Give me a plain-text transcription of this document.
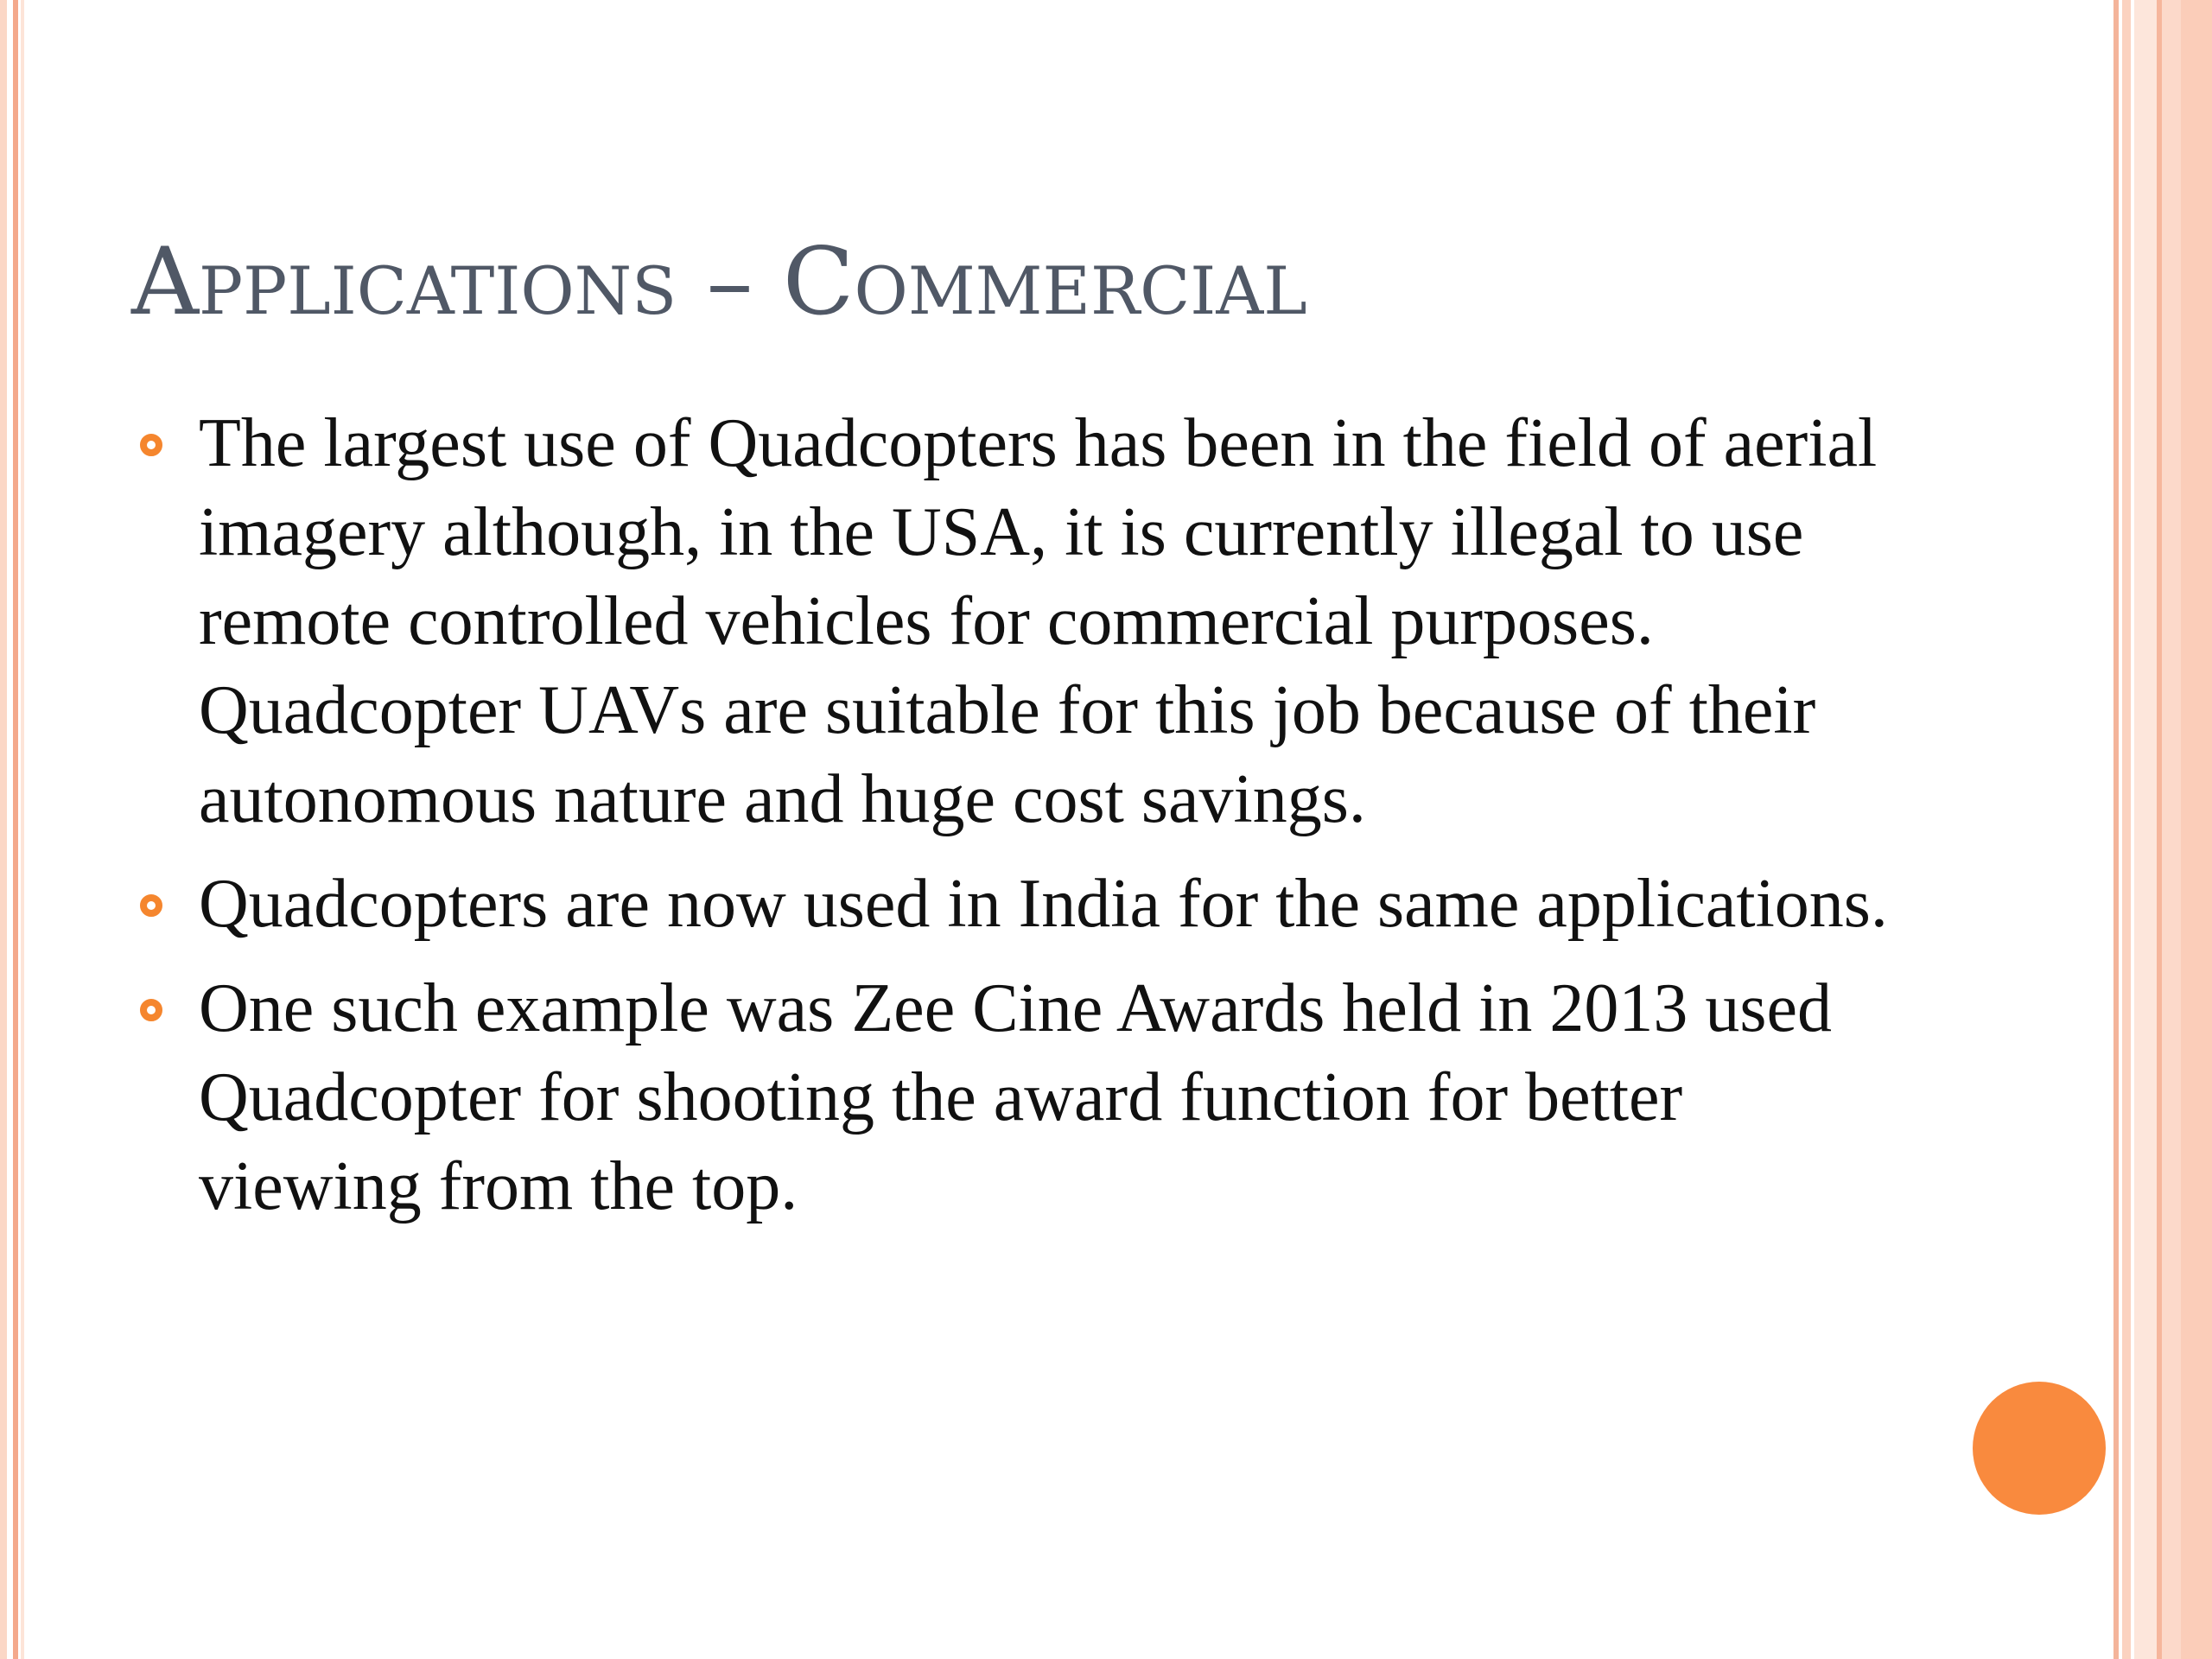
Applications – Commercial
The largest use of Quadcopters has been in the field of aerial imagery although, in the USA, it is currently illegal to use remote controlled vehicles for commercial purposes. Quadcopter UAVs are suitable for this job because of their autonomous nature and huge cost savings.
Quadcopters are now used in India for the same applications.
One such example was Zee Cine Awards held in 2013 used Quadcopter for shooting the award function for better viewing from the top.
